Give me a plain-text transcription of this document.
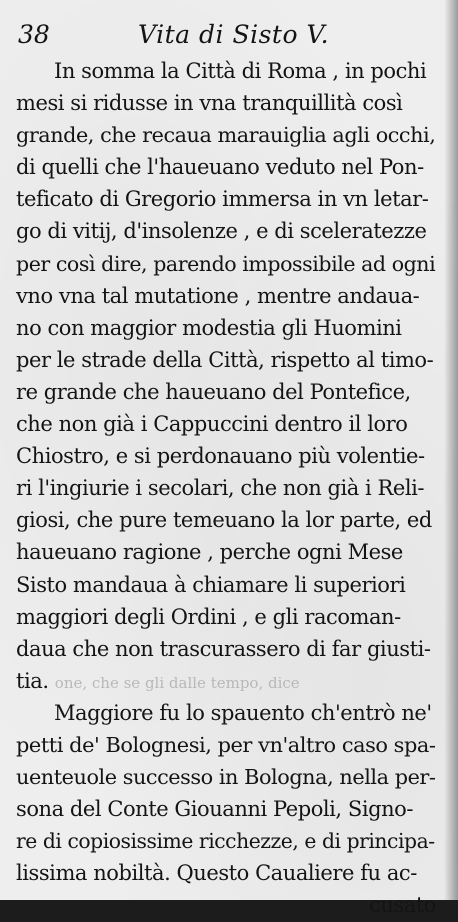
38	Vita di Sisto V.
In somma la Città di Roma , in pochi
mesi si ridusse in vna tranquillità così
grande, che recaua marauiglia agli occhi,
di quelli che l'haueuano veduto nel Pon-
teficato di Gregorio immersa in vn letar-
go di vitij, d'insolenze , e di sceleratezze
per così dire, parendo impossibile ad ogni
vno vna tal mutatione , mentre andaua-
no con maggior modestia gli Huomini
per le strade della Città, rispetto al timo-
re grande che haueuano del Pontefice,
che non già i Cappuccini dentro il loro
Chiostro, e si perdonauano più volentie-
ri l'ingiurie i secolari, che non già i Reli-
giosi, che pure temeuano la lor parte, ed
haueuano ragione , perche ogni Mese
Sisto mandaua à chiamare li superiori
maggiori degli Ordini , e gli racoman-
daua che non trascurassero di far giusti-
tia. one, che se gli dalle tempo, dice
Maggiore fu lo spauento ch'entrò ne'
petti de' Bolognesi, per vn'altro caso spa-
uenteuole successo in Bologna, nella per-
sona del Conte Giouanni Pepoli, Signo-
re di copiosissime ricchezze, e di principa-
lissima nobiltà. Questo Caualiere fu ac-
cusato
